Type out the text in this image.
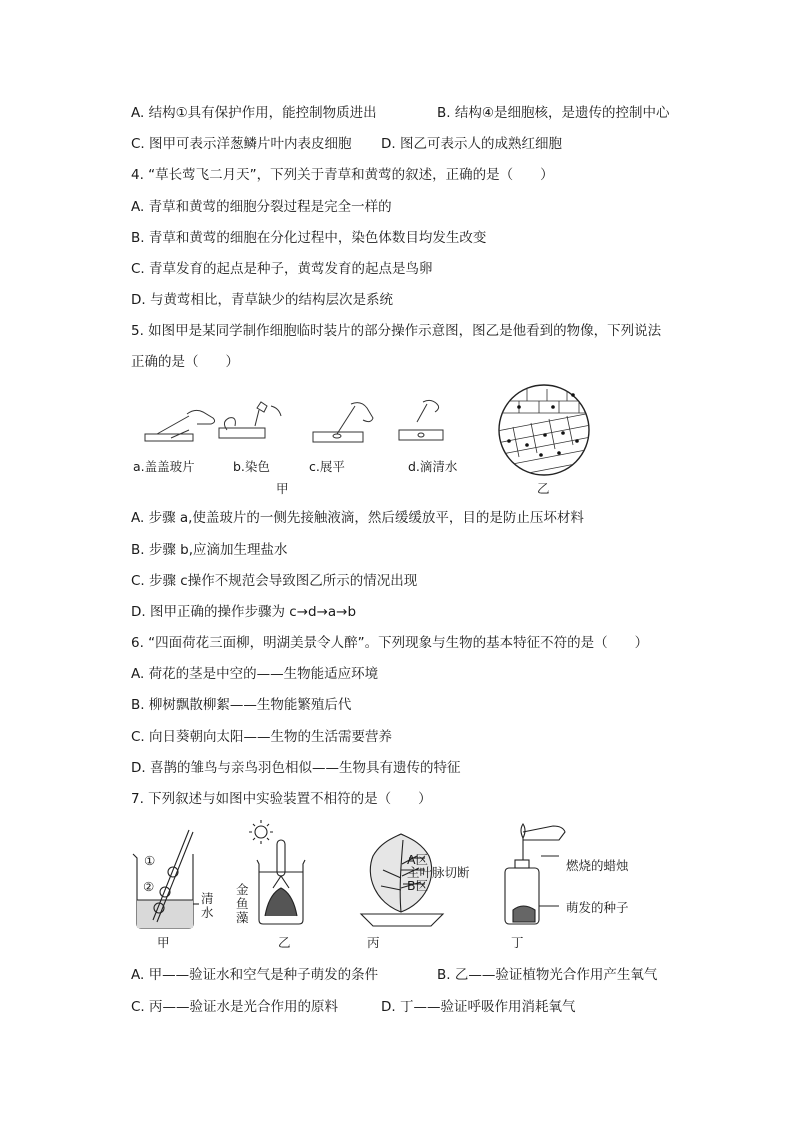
A. 结构①具有保护作用，能控制物质进出	B. 结构④是细胞核，是遗传的控制中心
C. 图甲可表示洋葱鳞片叶内表皮细胞 D. 图乙可表示人的成熟红细胞
4. “草长莺飞二月天”，下列关于青草和黄莺的叙述，正确的是（　　）
A. 青草和黄莺的细胞分裂过程是完全一样的
B. 青草和黄莺的细胞在分化过程中，染色体数目均发生改变
C. 青草发育的起点是种子，黄莺发育的起点是鸟卵
D. 与黄莺相比，青草缺少的结构层次是系统
5. 如图甲是某同学制作细胞临时装片的部分操作示意图，图乙是他看到的物像，下列说法
正确的是（　　）
a.盖盖玻片	b.染色	c.展平	d.滴清水
甲	乙
A. 步骤 a,使盖玻片的一侧先接触液滴，然后缓缓放平，目的是防止压坏材料
B. 步骤 b,应滴加生理盐水
C. 步骤 c操作不规范会导致图乙所示的情况出现
D. 图甲正确的操作步骤为 c→d→a→b
6. “四面荷花三面柳，明湖美景令人醉”。下列现象与生物的基本特征不符的是（　　）
A. 荷花的茎是中空的——生物能适应环境
B. 柳树飘散柳絮——生物能繁殖后代
C. 向日葵朝向太阳——生物的生活需要营养
D. 喜鹊的雏鸟与亲鸟羽色相似——生物具有遗传的特征
7. 下列叙述与如图中实验装置不相符的是（　　）
①
②
清水
金鱼藻
A区
主叶脉切断
B区
燃烧的蜡烛
萌发的种子
甲	乙	丙	丁
A. 甲——验证水和空气是种子萌发的条件	B. 乙——验证植物光合作用产生氧气
C. 丙——验证水是光合作用的原料	D. 丁——验证呼吸作用消耗氧气
